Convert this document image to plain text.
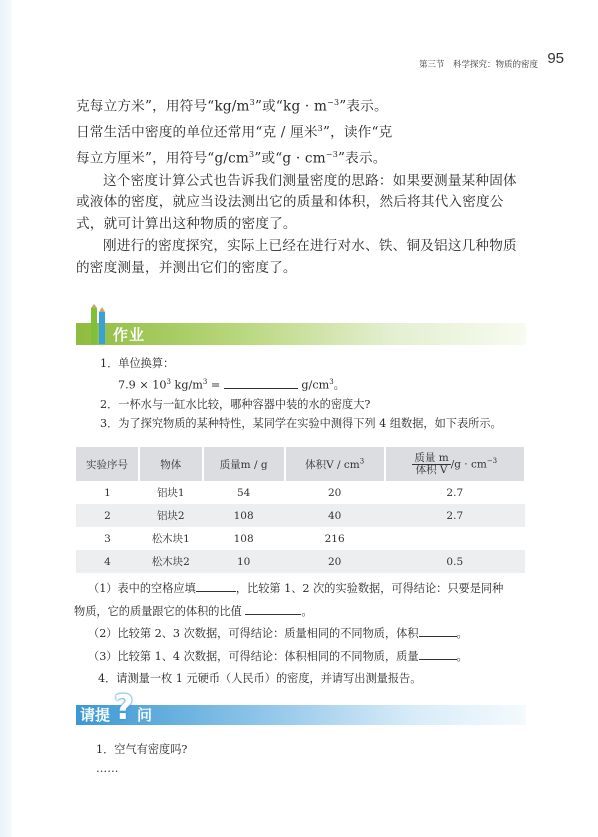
第三节　科学探究：物质的密度 95

克每立方米”，用符号“$kg/m^3$”或“kg · $m^{-3}$”表示。

日常生活中密度的单位还常用“克 / 厘米$^3$”，读作“克

每立方厘米”，用符号“$g/cm^3$”或“$g \cdot cm^{-3}$”表示。

这个密度计算公式也告诉我们测量密度的思路：如果要测量某种固体或液体的密度，就应当设法测出它的质量和体积，然后将其代入密度公式，就可计算出这种物质的密度了。

刚进行的密度探究，实际上已经在进行对水、铁、铜及铝这几种物质的密度测量，并测出它们的密度了。

作业
1．单位换算：
$7.9 \times 10^3$ $kg/m^3$ =	$g/cm^3$。
2．一杯水与一缸水比较，哪种容器中装的水的密度大?
3．为了探究物质的某种特性，某同学在实验中测得下列 4 组数据，如下表所示。
实验序号	物体	质量m / g	体积V / $cm^3$	$\frac{\text{质量 m}}{\text{体积 V}} /g \cdot cm^{-3}$
1	铝块1	54	20	2.7
2	铝块2	108	40	2.7
3	松木块1	108	216	
4	松木块2	10	20	0.5
（1）表中的空格应填	，比较第 1、2 次的实验数据，可得结论：只要是同种
物质，它的质量跟它的体积的比值	。
（2）比较第 2、3 次数据，可得结论：质量相同的不同物质，体积	。
（3）比较第 1、4 次数据，可得结论：体积相同的不同物质，质量	。
4．请测量一枚 1 元硬币（人民币）的密度，并请写出测量报告。
请提 ? 问
1．空气有密度吗?
……
